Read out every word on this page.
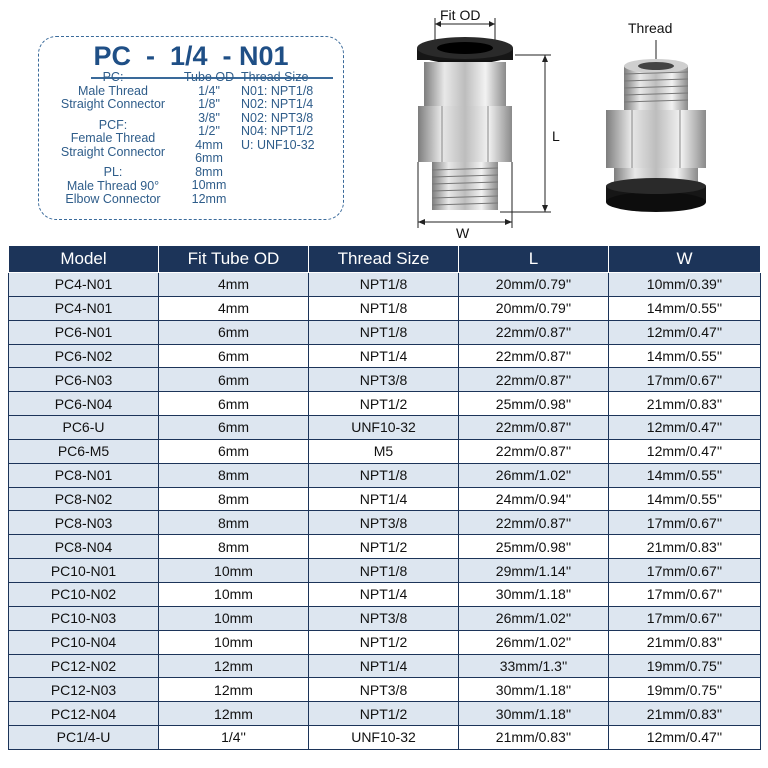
PC  -  1/4  - N01
PC:
Male Thread
Straight Connector
PCF:
Female Thread
Straight Connector
PL:
Male Thread 90°
Elbow Connector
Tube OD
1/4"
1/8"
3/8"
1/2"
4mm
6mm
8mm
10mm
12mm
Thread Size
N01: NPT1/8
N02: NPT1/4
N02: NPT3/8
N04: NPT1/2
U: UNF10-32
Fit OD
Thread
L
W
Model	Fit Tube OD	Thread Size	L	W
PC4-N01	4mm	NPT1/8	20mm/0.79''	10mm/0.39''
PC4-N01	4mm	NPT1/8	20mm/0.79''	14mm/0.55''
PC6-N01	6mm	NPT1/8	22mm/0.87''	12mm/0.47''
PC6-N02	6mm	NPT1/4	22mm/0.87''	14mm/0.55''
PC6-N03	6mm	NPT3/8	22mm/0.87''	17mm/0.67''
PC6-N04	6mm	NPT1/2	25mm/0.98''	21mm/0.83''
PC6-U	6mm	UNF10-32	22mm/0.87''	12mm/0.47''
PC6-M5	6mm	M5	22mm/0.87''	12mm/0.47''
PC8-N01	8mm	NPT1/8	26mm/1.02''	14mm/0.55''
PC8-N02	8mm	NPT1/4	24mm/0.94''	14mm/0.55''
PC8-N03	8mm	NPT3/8	22mm/0.87''	17mm/0.67''
PC8-N04	8mm	NPT1/2	25mm/0.98''	21mm/0.83''
PC10-N01	10mm	NPT1/8	29mm/1.14''	17mm/0.67''
PC10-N02	10mm	NPT1/4	30mm/1.18''	17mm/0.67''
PC10-N03	10mm	NPT3/8	26mm/1.02''	17mm/0.67''
PC10-N04	10mm	NPT1/2	26mm/1.02''	21mm/0.83''
PC12-N02	12mm	NPT1/4	33mm/1.3''	19mm/0.75''
PC12-N03	12mm	NPT3/8	30mm/1.18''	19mm/0.75''
PC12-N04	12mm	NPT1/2	30mm/1.18''	21mm/0.83''
PC1/4-U	1/4''	UNF10-32	21mm/0.83''	12mm/0.47''
